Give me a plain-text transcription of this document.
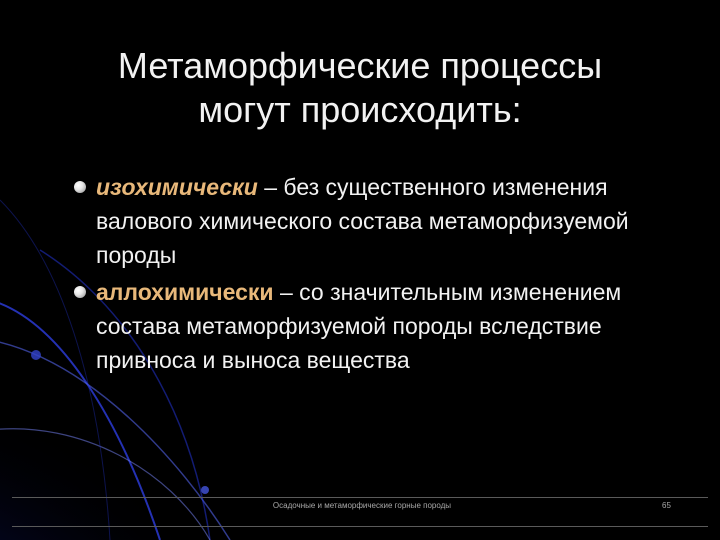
Метаморфические процессы
могут происходить:
изохимически – без существенного изменения валового химического состава метаморфизуемой породы
аллохимически – со значительным изменением состава метаморфизуемой породы вследствие привноса и выноса вещества
Осадочные и метаморфические горные породы	65
